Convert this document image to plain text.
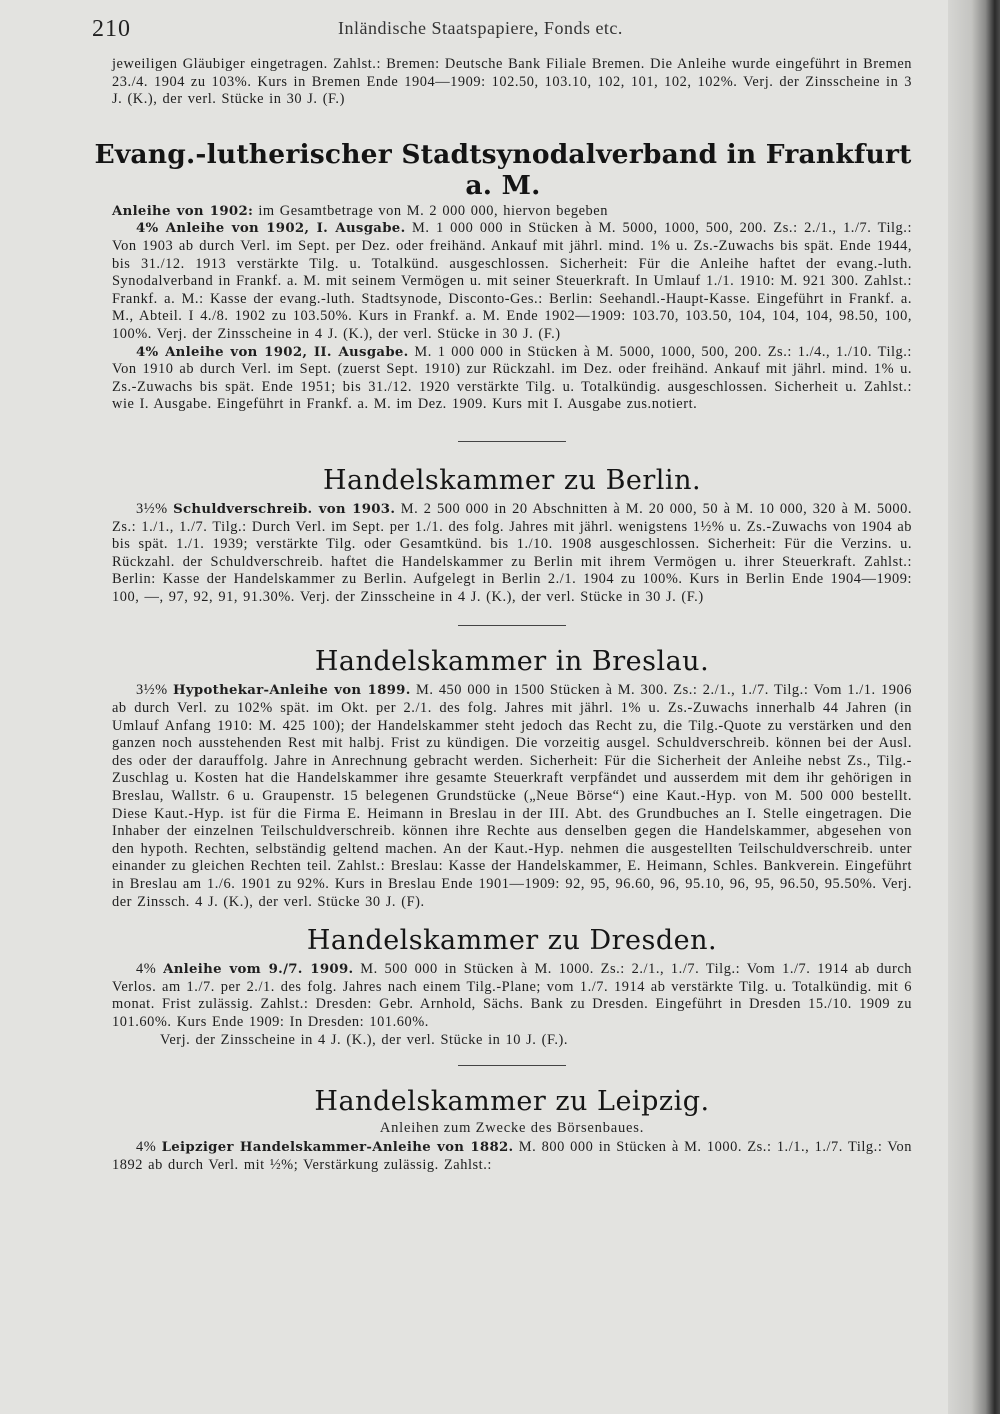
210	Inländische Staatspapiere, Fonds etc.

jeweiligen Gläubiger eingetragen. Zahlst.: Bremen: Deutsche Bank Filiale Bremen. Die Anleihe wurde eingeführt in Bremen 23./4. 1904 zu 103%. Kurs in Bremen Ende 1904—1909: 102.50, 103.10, 102, 101, 102, 102%. Verj. der Zinsscheine in 3 J. (K.), der verl. Stücke in 30 J. (F.)

Evang.-lutherischer Stadtsynodalverband in Frankfurt a. M.

Anleihe von 1902: im Gesamtbetrage von M. 2 000 000, hiervon begeben

4% Anleihe von 1902, I. Ausgabe. M. 1 000 000 in Stücken à M. 5000, 1000, 500, 200. Zs.: 2./1., 1./7. Tilg.: Von 1903 ab durch Verl. im Sept. per Dez. oder freihänd. Ankauf mit jährl. mind. 1% u. Zs.-Zuwachs bis spät. Ende 1944, bis 31./12. 1913 verstärkte Tilg. u. Totalkünd. ausgeschlossen. Sicherheit: Für die Anleihe haftet der evang.-luth. Synodalverband in Frankf. a. M. mit seinem Vermögen u. mit seiner Steuerkraft. In Umlauf 1./1. 1910: M. 921 300. Zahlst.: Frankf. a. M.: Kasse der evang.-luth. Stadtsynode, Disconto-Ges.: Berlin: Seehandl.-Haupt-Kasse. Eingeführt in Frankf. a. M., Abteil. I 4./8. 1902 zu 103.50%. Kurs in Frankf. a. M. Ende 1902—1909: 103.70, 103.50, 104, 104, 104, 98.50, 100, 100%. Verj. der Zinsscheine in 4 J. (K.), der verl. Stücke in 30 J. (F.)

4% Anleihe von 1902, II. Ausgabe. M. 1 000 000 in Stücken à M. 5000, 1000, 500, 200. Zs.: 1./4., 1./10. Tilg.: Von 1910 ab durch Verl. im Sept. (zuerst Sept. 1910) zur Rückzahl. im Dez. oder freihänd. Ankauf mit jährl. mind. 1% u. Zs.-Zuwachs bis spät. Ende 1951; bis 31./12. 1920 verstärkte Tilg. u. Totalkündig. ausgeschlossen. Sicherheit u. Zahlst.: wie I. Ausgabe. Eingeführt in Frankf. a. M. im Dez. 1909. Kurs mit I. Ausgabe zus.notiert.

Handelskammer zu Berlin.

3½% Schuldverschreib. von 1903. M. 2 500 000 in 20 Abschnitten à M. 20 000, 50 à M. 10 000, 320 à M. 5000. Zs.: 1./1., 1./7. Tilg.: Durch Verl. im Sept. per 1./1. des folg. Jahres mit jährl. wenigstens 1½% u. Zs.-Zuwachs von 1904 ab bis spät. 1./1. 1939; verstärkte Tilg. oder Gesamtkünd. bis 1./10. 1908 ausgeschlossen. Sicherheit: Für die Verzins. u. Rückzahl. der Schuldverschreib. haftet die Handelskammer zu Berlin mit ihrem Vermögen u. ihrer Steuerkraft. Zahlst.: Berlin: Kasse der Handelskammer zu Berlin. Aufgelegt in Berlin 2./1. 1904 zu 100%. Kurs in Berlin Ende 1904—1909: 100, —, 97, 92, 91, 91.30%. Verj. der Zinsscheine in 4 J. (K.), der verl. Stücke in 30 J. (F.)

Handelskammer in Breslau.

3½% Hypothekar-Anleihe von 1899. M. 450 000 in 1500 Stücken à M. 300. Zs.: 2./1., 1./7. Tilg.: Vom 1./1. 1906 ab durch Verl. zu 102% spät. im Okt. per 2./1. des folg. Jahres mit jährl. 1% u. Zs.-Zuwachs innerhalb 44 Jahren (in Umlauf Anfang 1910: M. 425 100); der Handelskammer steht jedoch das Recht zu, die Tilg.-Quote zu verstärken und den ganzen noch ausstehenden Rest mit halbj. Frist zu kündigen. Die vorzeitig ausgel. Schuldverschreib. können bei der Ausl. des oder der darauffolg. Jahre in Anrechnung gebracht werden. Sicherheit: Für die Sicherheit der Anleihe nebst Zs., Tilg.-Zuschlag u. Kosten hat die Handelskammer ihre gesamte Steuerkraft verpfändet und ausserdem mit dem ihr gehörigen in Breslau, Wallstr. 6 u. Graupenstr. 15 belegenen Grundstücke („Neue Börse“) eine Kaut.-Hyp. von M. 500 000 bestellt. Diese Kaut.-Hyp. ist für die Firma E. Heimann in Breslau in der III. Abt. des Grundbuches an I. Stelle eingetragen. Die Inhaber der einzelnen Teilschuldverschreib. können ihre Rechte aus denselben gegen die Handelskammer, abgesehen von den hypoth. Rechten, selbständig geltend machen. An der Kaut.-Hyp. nehmen die ausgestellten Teilschuldverschreib. unter einander zu gleichen Rechten teil. Zahlst.: Breslau: Kasse der Handelskammer, E. Heimann, Schles. Bankverein. Eingeführt in Breslau am 1./6. 1901 zu 92%. Kurs in Breslau Ende 1901—1909: 92, 95, 96.60, 96, 95.10, 96, 95, 96.50, 95.50%. Verj. der Zinssch. 4 J. (K.), der verl. Stücke 30 J. (F).

Handelskammer zu Dresden.

4% Anleihe vom 9./7. 1909. M. 500 000 in Stücken à M. 1000. Zs.: 2./1., 1./7. Tilg.: Vom 1./7. 1914 ab durch Verlos. am 1./7. per 2./1. des folg. Jahres nach einem Tilg.-Plane; vom 1./7. 1914 ab verstärkte Tilg. u. Totalkündig. mit 6 monat. Frist zulässig. Zahlst.: Dresden: Gebr. Arnhold, Sächs. Bank zu Dresden. Eingeführt in Dresden 15./10. 1909 zu 101.60%. Kurs Ende 1909: In Dresden: 101.60%.

Verj. der Zinsscheine in 4 J. (K.), der verl. Stücke in 10 J. (F.).

Handelskammer zu Leipzig.
Anleihen zum Zwecke des Börsenbaues.

4% Leipziger Handelskammer-Anleihe von 1882. M. 800 000 in Stücken à M. 1000. Zs.: 1./1., 1./7. Tilg.: Von 1892 ab durch Verl. mit ½%; Verstärkung zulässig. Zahlst.:
